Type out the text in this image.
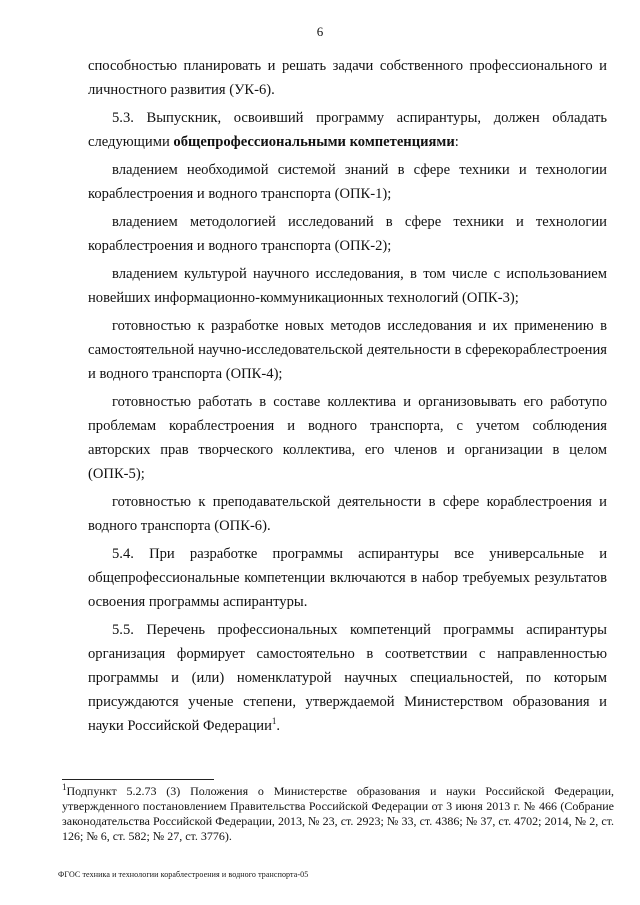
6

способностью планировать и решать задачи собственного профессионального и личностного развития (УК-6).

5.3. Выпускник, освоивший программу аспирантуры, должен обладать следующими общепрофессиональными компетенциями:

владением необходимой системой знаний в сфере техники и технологии кораблестроения и водного транспорта (ОПК-1);

владением методологией исследований в сфере техники и технологии кораблестроения и водного транспорта (ОПК-2);

владением культурой научного исследования, в том числе с использованием новейших информационно-коммуникационных технологий (ОПК-3);

готовностью к разработке новых методов исследования и их применению в самостоятельной научно-исследовательской деятельности в сферекораблестроения и водного транспорта (ОПК-4);

готовностью работать в составе коллектива и организовывать его работупо проблемам кораблестроения и водного транспорта, с учетом соблюдения авторских прав творческого коллектива, его членов и организации в целом (ОПК-5);

готовностью к преподавательской деятельности в сфере кораблестроения и водного транспорта (ОПК-6).

5.4. При разработке программы аспирантуры все универсальные и общепрофессиональные компетенции включаются в набор требуемых результатов освоения программы аспирантуры.

5.5. Перечень профессиональных компетенций программы аспирантуры организация формирует самостоятельно в соответствии с направленностью программы и (или) номенклатурой научных специальностей, по которым присуждаются ученые степени, утверждаемой Министерством образования и науки Российской Федерации$^1$.

$^1$Подпункт 5.2.73 (3) Положения о Министерстве образования и науки Российской Федерации, утвержденного постановлением Правительства Российской Федерации от 3 июня 2013 г. № 466 (Собрание законодательства Российской Федерации, 2013, № 23, ст. 2923; № 33, ст. 4386; № 37, ст. 4702; 2014, № 2, ст. 126; № 6, ст. 582; № 27, ст. 3776).
ФГОС техника и технологии кораблестроения и водного транспорта-05
